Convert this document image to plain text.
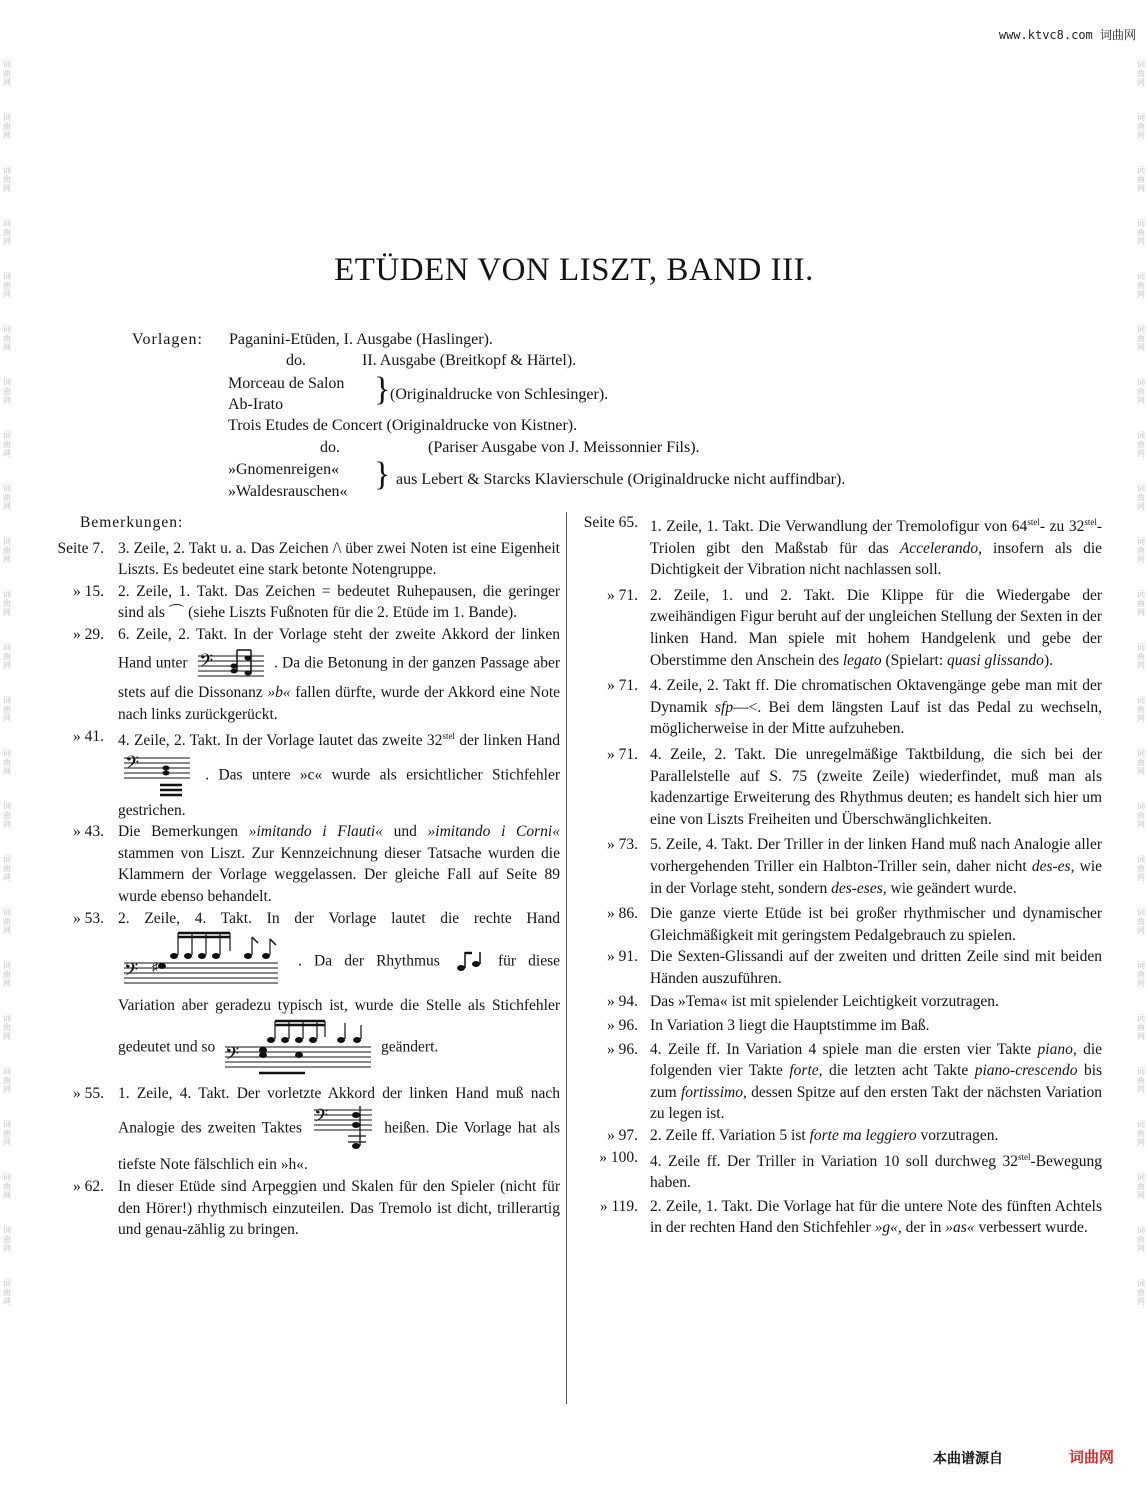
www.ktvc8.com 词曲网
词曲网
词曲网
词曲网
词曲网
词曲网
词曲网
词曲网
词曲网
词曲网
词曲网
词曲网
词曲网
词曲网
词曲网
词曲网
词曲网
词曲网
词曲网
词曲网
词曲网
词曲网
词曲网
词曲网
词曲网
词曲网
词曲网
词曲网
词曲网
词曲网
词曲网
词曲网
词曲网
词曲网
词曲网
词曲网
词曲网
词曲网
词曲网
词曲网
词曲网
词曲网
词曲网
词曲网
词曲网
词曲网
词曲网
词曲网
词曲网
ETÜDEN VON LISZT, BAND III.
Vorlagen: Paganini-Etüden, I. Ausgabe (Haslinger).
do.	II. Ausgabe (Breitkopf & Härtel).
Morceau de Salon
Ab-Irato	} (Originaldrucke von Schlesinger).
Trois Etudes de Concert (Originaldrucke von Kistner).
do.	(Pariser Ausgabe von J. Meissonnier Fils).
»Gnomenreigen«
»Waldesrauschen« } aus Lebert & Starcks Klavierschule (Originaldrucke nicht auffindbar).
Bemerkungen:
Seite 7. 3. Zeile, 2. Takt u. a. Das Zeichen /\ über zwei Noten ist eine Eigenheit Liszts. Es bedeutet eine stark betonte Notengruppe.
» 15. 2. Zeile, 1. Takt. Das Zeichen = bedeutet Ruhepausen, die geringer sind als ⌒ (siehe Liszts Fußnoten für die 2. Etüde im 1. Bande).
» 29. 6. Zeile, 2. Takt. In der Vorlage steht der zweite Akkord der linken Hand unter 𝄢	. Da die Betonung in der ganzen Passage aber stets auf die Dissonanz »b« fallen dürfte, wurde der Akkord eine Note nach links zurückgerückt.
» 41. 4. Zeile, 2. Takt. In der Vorlage lautet das zweite $32^{stel}$ der linken Hand
𝄢	. Das untere »c« wurde als ersichtlicher Stichfehler gestrichen.
» 43. Die Bemerkungen »imitando i Flauti« und »imitando i Corni« stammen von Liszt. Zur Kennzeichnung dieser Tatsache wurden die Klammern der Vorlage weggelassen. Der gleiche Fall auf Seite 89 wurde ebenso behandelt.
» 53. 2. Zeile, 4. Takt. In der Vorlage lautet die rechte Hand
𝄢 ♯	. Da der Rhythmus	für diese Variation aber geradezu typisch ist, wurde die Stelle als Stichfehler gedeutet und so 𝄢	geändert.
» 55. 1. Zeile, 4. Takt. Der vorletzte Akkord der linken Hand muß nach Analogie des zweiten Taktes 𝄢	heißen. Die Vorlage hat als tiefste Note fälschlich ein »h«.
» 62. In dieser Etüde sind Arpeggien und Skalen für den Spieler (nicht für den Hörer!) rhythmisch einzuteilen. Das Tremolo ist dicht, trillerartig und genau-zählig zu bringen.
Seite 65. 1. Zeile, 1. Takt. Die Verwandlung der Tremolofigur von $64^{stel}-$ zu $32^{stel}$-Triolen gibt den Maßstab für das Accelerando, insofern als die Dichtigkeit der Vibration nicht nachlassen soll.
» 71. 2. Zeile, 1. und 2. Takt. Die Klippe für die Wiedergabe der zweihändigen Figur beruht auf der ungleichen Stellung der Sexten in der linken Hand. Man spiele mit hohem Handgelenk und gebe der Oberstimme den Anschein des legato (Spielart: quasi glissando).
» 71. 4. Zeile, 2. Takt ff. Die chromatischen Oktavengänge gebe man mit der Dynamik sfp—<. Bei dem längsten Lauf ist das Pedal zu wechseln, möglicherweise in der Mitte aufzuheben.
» 71. 4. Zeile, 2. Takt. Die unregelmäßige Taktbildung, die sich bei der Parallelstelle auf S. 75 (zweite Zeile) wiederfindet, muß man als kadenzartige Erweiterung des Rhythmus deuten; es handelt sich hier um eine von Liszts Freiheiten und Überschwänglichkeiten.
» 73. 5. Zeile, 4. Takt. Der Triller in der linken Hand muß nach Analogie aller vorhergehenden Triller ein Halbton-Triller sein, daher nicht des-es, wie in der Vorlage steht, sondern des-eses, wie geändert wurde.
» 86. Die ganze vierte Etüde ist bei großer rhythmischer und dynamischer Gleichmäßigkeit mit geringstem Pedalgebrauch zu spielen.
» 91. Die Sexten-Glissandi auf der zweiten und dritten Zeile sind mit beiden Händen auszuführen.
» 94. Das »Tema« ist mit spielender Leichtigkeit vorzutragen.
» 96. In Variation 3 liegt die Hauptstimme im Baß.
» 96. 4. Zeile ff. In Variation 4 spiele man die ersten vier Takte piano, die folgenden vier Takte forte, die letzten acht Takte piano-crescendo bis zum fortissimo, dessen Spitze auf den ersten Takt der nächsten Variation zu legen ist.
» 97. 2. Zeile ff. Variation 5 ist forte ma leggiero vorzutragen.
» 100. 4. Zeile ff. Der Triller in Variation 10 soll durchweg $32^{stel}$-Bewegung haben.
» 119. 2. Zeile, 1. Takt. Die Vorlage hat für die untere Note des fünften Achtels in der rechten Hand den Stichfehler »g«, der in »as« verbessert wurde.
本曲谱源自	词曲网
